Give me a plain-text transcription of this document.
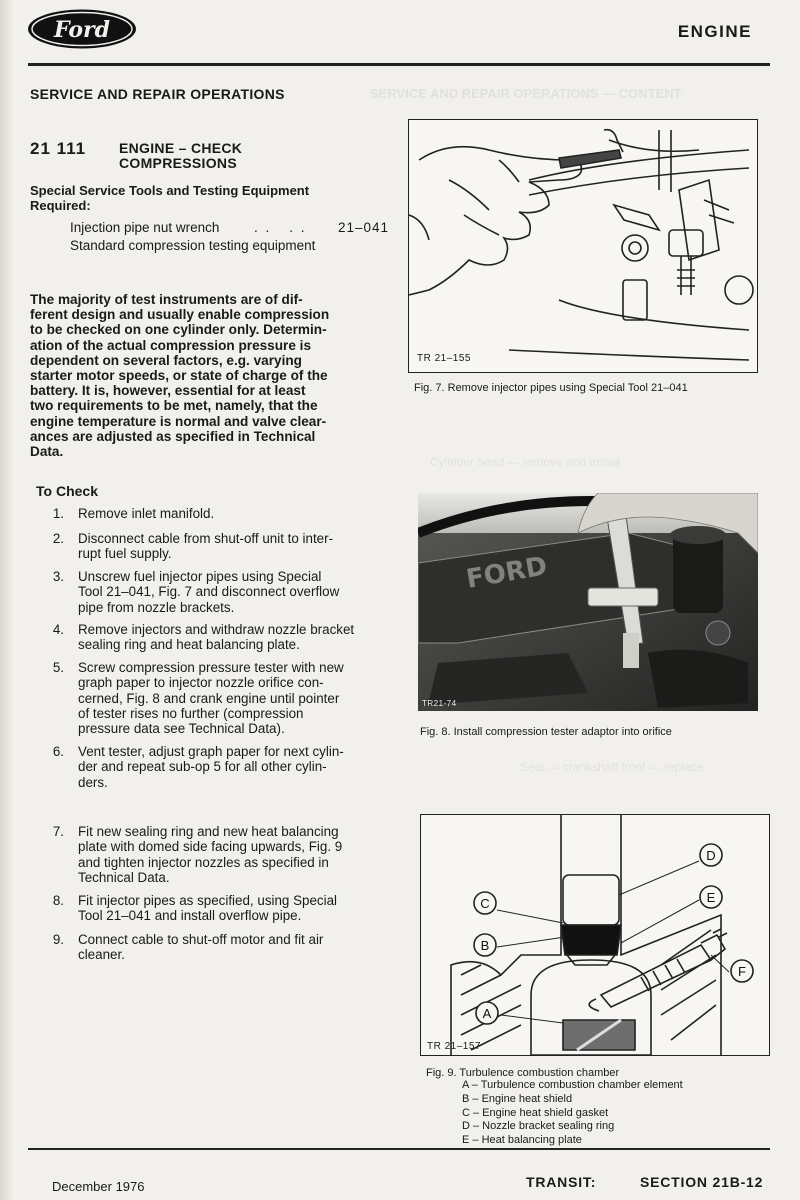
SERVICE AND REPAIR OPERATIONS — CONTENT
Cylinder head — remove and install
Seal — crankshaft front — replace
Ford	ENGINE
SERVICE AND REPAIR OPERATIONS
21 111 ENGINE – CHECK
COMPRESSIONS
Special Service Tools and Testing Equipment
Required:
Injection pipe nut wrench	. . . . 21–041
Standard compression testing equipment
The majority of test instruments are of dif-
ferent design and usually enable compression
to be checked on one cylinder only. Determin-
ation of the actual compression pressure is
dependent on several factors, e.g. varying
starter motor speeds, or state of charge of the
battery. It is, however, essential for at least
two requirements to be met, namely, that the
engine temperature is normal and valve clear-
ances are adjusted as specified in Technical
Data.
To Check
1. Remove inlet manifold.
2. Disconnect cable from shut-off unit to inter-
rupt fuel supply.
3. Unscrew fuel injector pipes using Special
Tool 21–041, Fig. 7 and disconnect overflow
pipe from nozzle brackets.
4. Remove injectors and withdraw nozzle bracket
sealing ring and heat balancing plate.
5. Screw compression pressure tester with new
graph paper to injector nozzle orifice con-
cerned, Fig. 8 and crank engine until pointer
of tester rises no further (compression
pressure data see Technical Data).
6. Vent tester, adjust graph paper for next cylin-
der and repeat sub-op 5 for all other cylin-
ders.
7. Fit new sealing ring and new heat balancing
plate with domed side facing upwards, Fig. 9
and tighten injector nozzles as specified in
Technical Data.
8. Fit injector pipes as specified, using Special
Tool 21–041 and install overflow pipe.
9. Connect cable to shut-off motor and fit air
cleaner.
TR 21–155
Fig. 7. Remove injector pipes using Special Tool 21–041
FORD
TR21-74
Fig. 8. Install compression tester adaptor into orifice
C
B
D
E
F
A
TR 21–157
Fig. 9. Turbulence combustion chamber
A – Turbulence combustion chamber element
B – Engine heat shield
C – Engine heat shield gasket
D – Nozzle bracket sealing ring
E – Heat balancing plate
December 1976	TRANSIT:	SECTION 21B-12
